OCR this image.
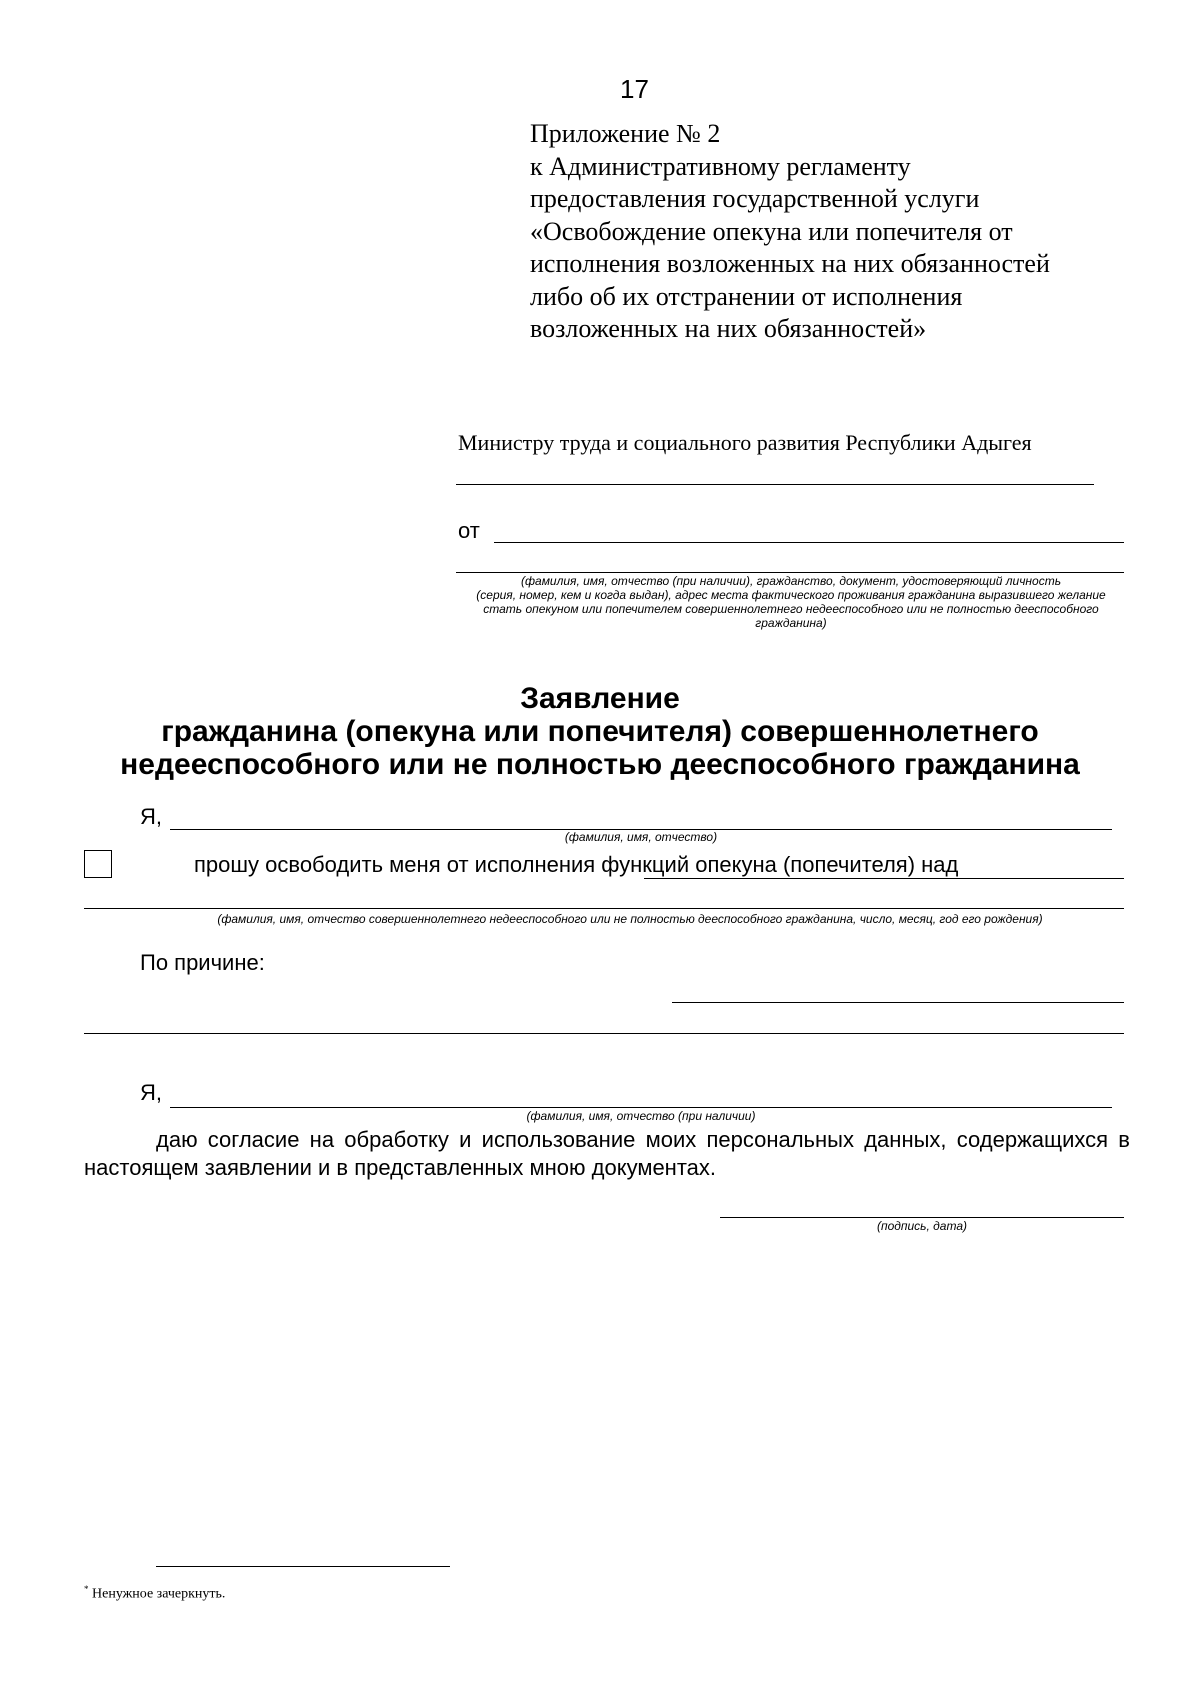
17
Приложение № 2
к Административному регламенту
предоставления государственной услуги
«Освобождение опекуна или попечителя от
исполнения возложенных на них обязанностей
либо об их отстранении от исполнения
возложенных на них обязанностей»
Министру труда и социального развития Республики Адыгея
от
(фамилия, имя, отчество (при наличии), гражданство, документ, удостоверяющий личность
(серия, номер, кем и когда выдан), адрес места фактического проживания гражданина выразившего желание стать опекуном или попечителем совершеннолетнего недееспособного или не полностью дееспособного гражданина)
Заявление
гражданина (опекуна или попечителя) совершеннолетнего
недееспособного или не полностью дееспособного гражданина
Я,
(фамилия, имя, отчество)
прошу освободить меня от исполнения функций опекуна (попечителя) над
(фамилия, имя, отчество совершеннолетнего недееспособного или не полностью дееспособного гражданина, число, месяц, год его рождения)
По причине:
Я,
(фамилия, имя, отчество (при наличии)
даю согласие на обработку и использование моих персональных данных, содержащихся в настоящем заявлении и в представленных мною документах.
(подпись, дата)
* Ненужное зачеркнуть.
